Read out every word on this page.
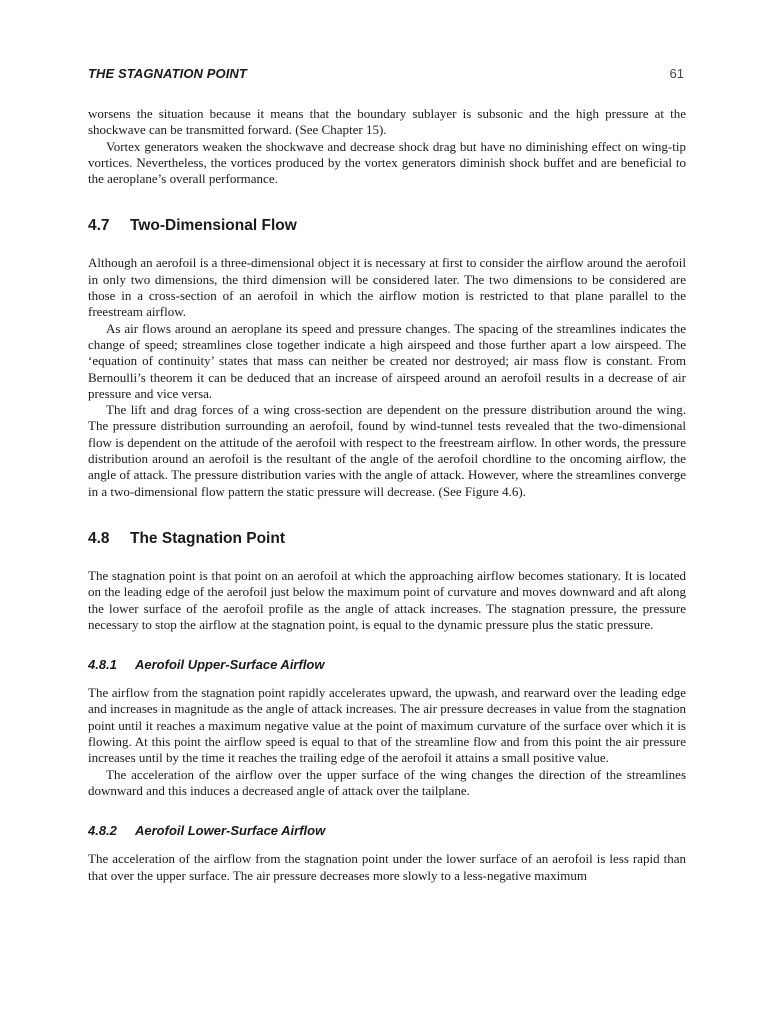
THE STAGNATION POINT	61

worsens the situation because it means that the boundary sublayer is subsonic and the high pressure at the shockwave can be transmitted forward. (See Chapter 15).

Vortex generators weaken the shockwave and decrease shock drag but have no diminishing effect on wing-tip vortices. Nevertheless, the vortices produced by the vortex generators diminish shock buffet and are beneficial to the aeroplane’s overall performance.

4.7	Two-Dimensional Flow

Although an aerofoil is a three-dimensional object it is necessary at first to consider the airflow around the aerofoil in only two dimensions, the third dimension will be considered later. The two dimensions to be considered are those in a cross-section of an aerofoil in which the airflow motion is restricted to that plane parallel to the freestream airflow.

As air flows around an aeroplane its speed and pressure changes. The spacing of the streamlines indicates the change of speed; streamlines close together indicate a high airspeed and those further apart a low airspeed. The ‘equation of continuity’ states that mass can neither be created nor destroyed; air mass flow is constant. From Bernoulli’s theorem it can be deduced that an increase of airspeed around an aerofoil results in a decrease of air pressure and vice versa.

The lift and drag forces of a wing cross-section are dependent on the pressure distribution around the wing. The pressure distribution surrounding an aerofoil, found by wind-tunnel tests revealed that the two-dimensional flow is dependent on the attitude of the aerofoil with respect to the freestream airflow. In other words, the pressure distribution around an aerofoil is the resultant of the angle of the aerofoil chordline to the oncoming airflow, the angle of attack. The pressure distribution varies with the angle of attack. However, where the streamlines converge in a two-dimensional flow pattern the static pressure will decrease. (See Figure 4.6).

4.8	The Stagnation Point

The stagnation point is that point on an aerofoil at which the approaching airflow becomes stationary. It is located on the leading edge of the aerofoil just below the maximum point of curvature and moves downward and aft along the lower surface of the aerofoil profile as the angle of attack increases. The stagnation pressure, the pressure necessary to stop the airflow at the stagnation point, is equal to the dynamic pressure plus the static pressure.

4.8.1	Aerofoil Upper-Surface Airflow

The airflow from the stagnation point rapidly accelerates upward, the upwash, and rearward over the leading edge and increases in magnitude as the angle of attack increases. The air pressure decreases in value from the stagnation point until it reaches a maximum negative value at the point of maximum curvature of the surface over which it is flowing. At this point the airflow speed is equal to that of the streamline flow and from this point the air pressure increases until by the time it reaches the trailing edge of the aerofoil it attains a small positive value.

The acceleration of the airflow over the upper surface of the wing changes the direction of the streamlines downward and this induces a decreased angle of attack over the tailplane.

4.8.2	Aerofoil Lower-Surface Airflow

The acceleration of the airflow from the stagnation point under the lower surface of an aerofoil is less rapid than that over the upper surface. The air pressure decreases more slowly to a less-negative maximum
